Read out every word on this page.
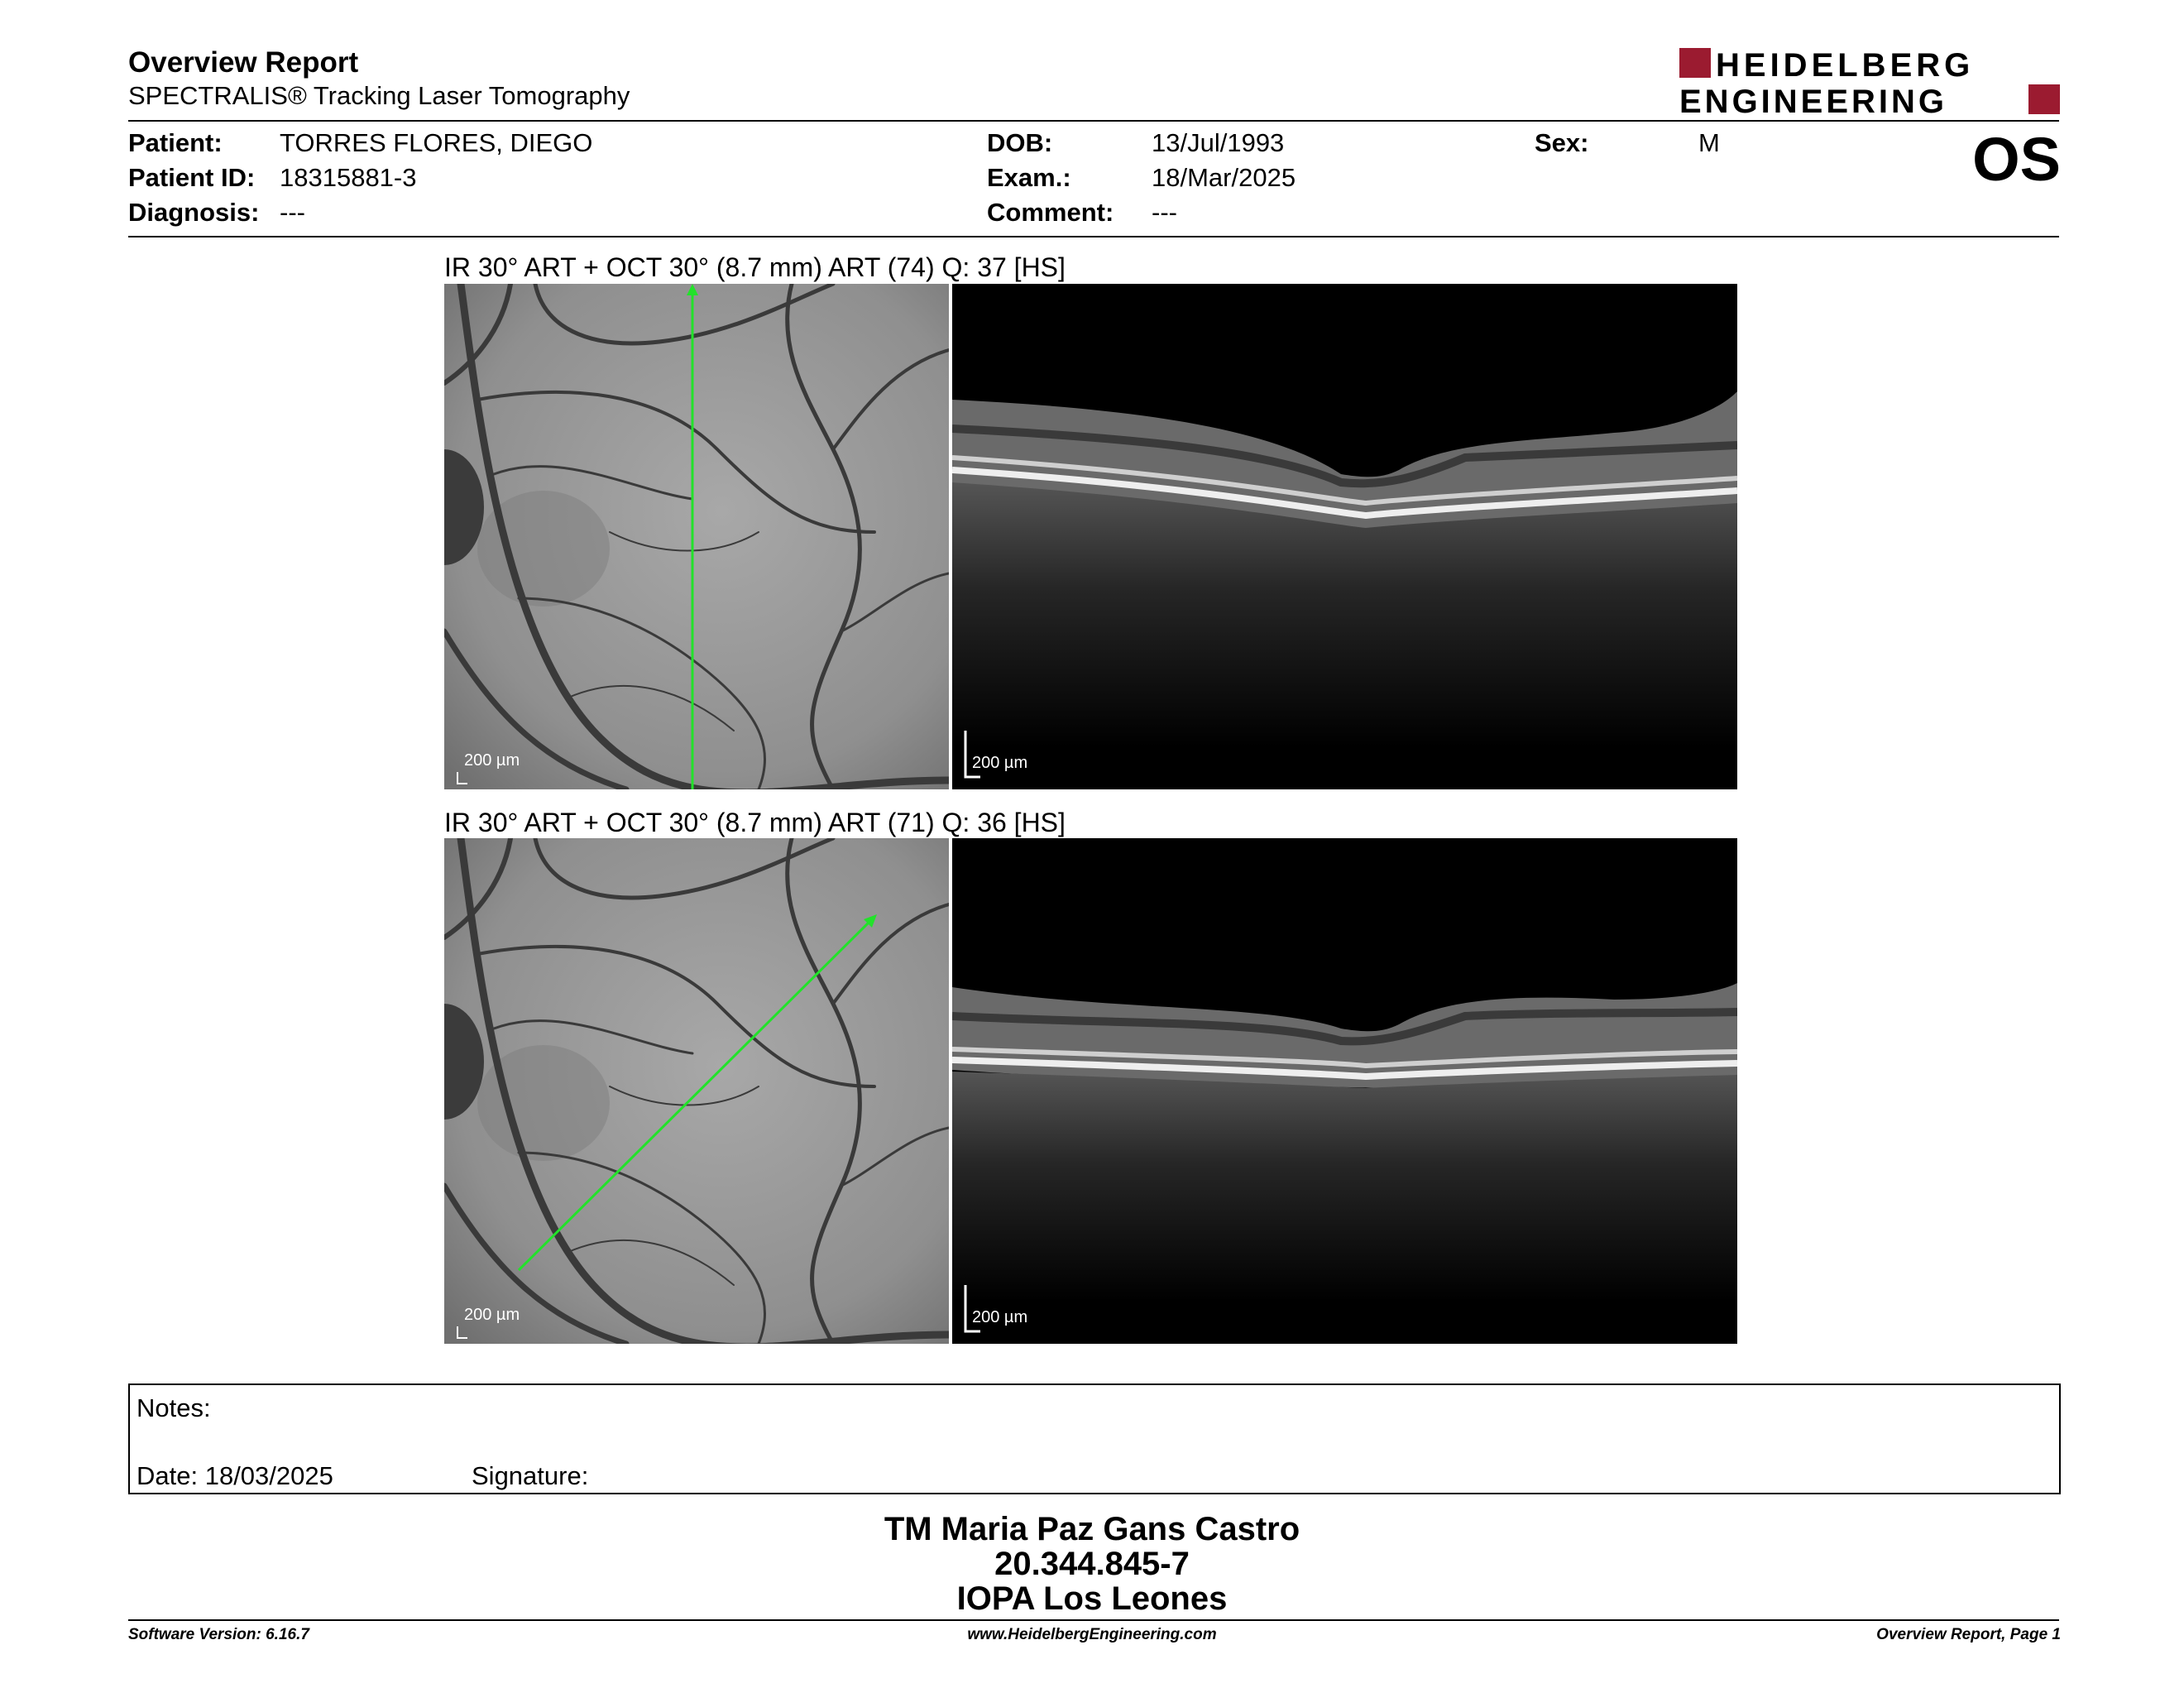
Overview Report
SPECTRALIS® Tracking Laser Tomography
HEIDELBERG
ENGINEERING
Patient: TORRES FLORES, DIEGO
Patient ID: 18315881-3
Diagnosis: ---
DOB:	13/Jul/1993
Exam.:	18/Mar/2025
Comment: ---
Sex:	M	OS
IR 30° ART + OCT 30° (8.7 mm) ART (74) Q: 37 [HS]
200 µm	200 µm
IR 30° ART + OCT 30° (8.7 mm) ART (71) Q: 36 [HS]
200 µm	200 µm
Notes:
Date: 18/03/2025	Signature:
TM Maria Paz Gans Castro
20.344.845-7
IOPA Los Leones
Software Version: 6.16.7	www.HeidelbergEngineering.com	Overview Report, Page 1
